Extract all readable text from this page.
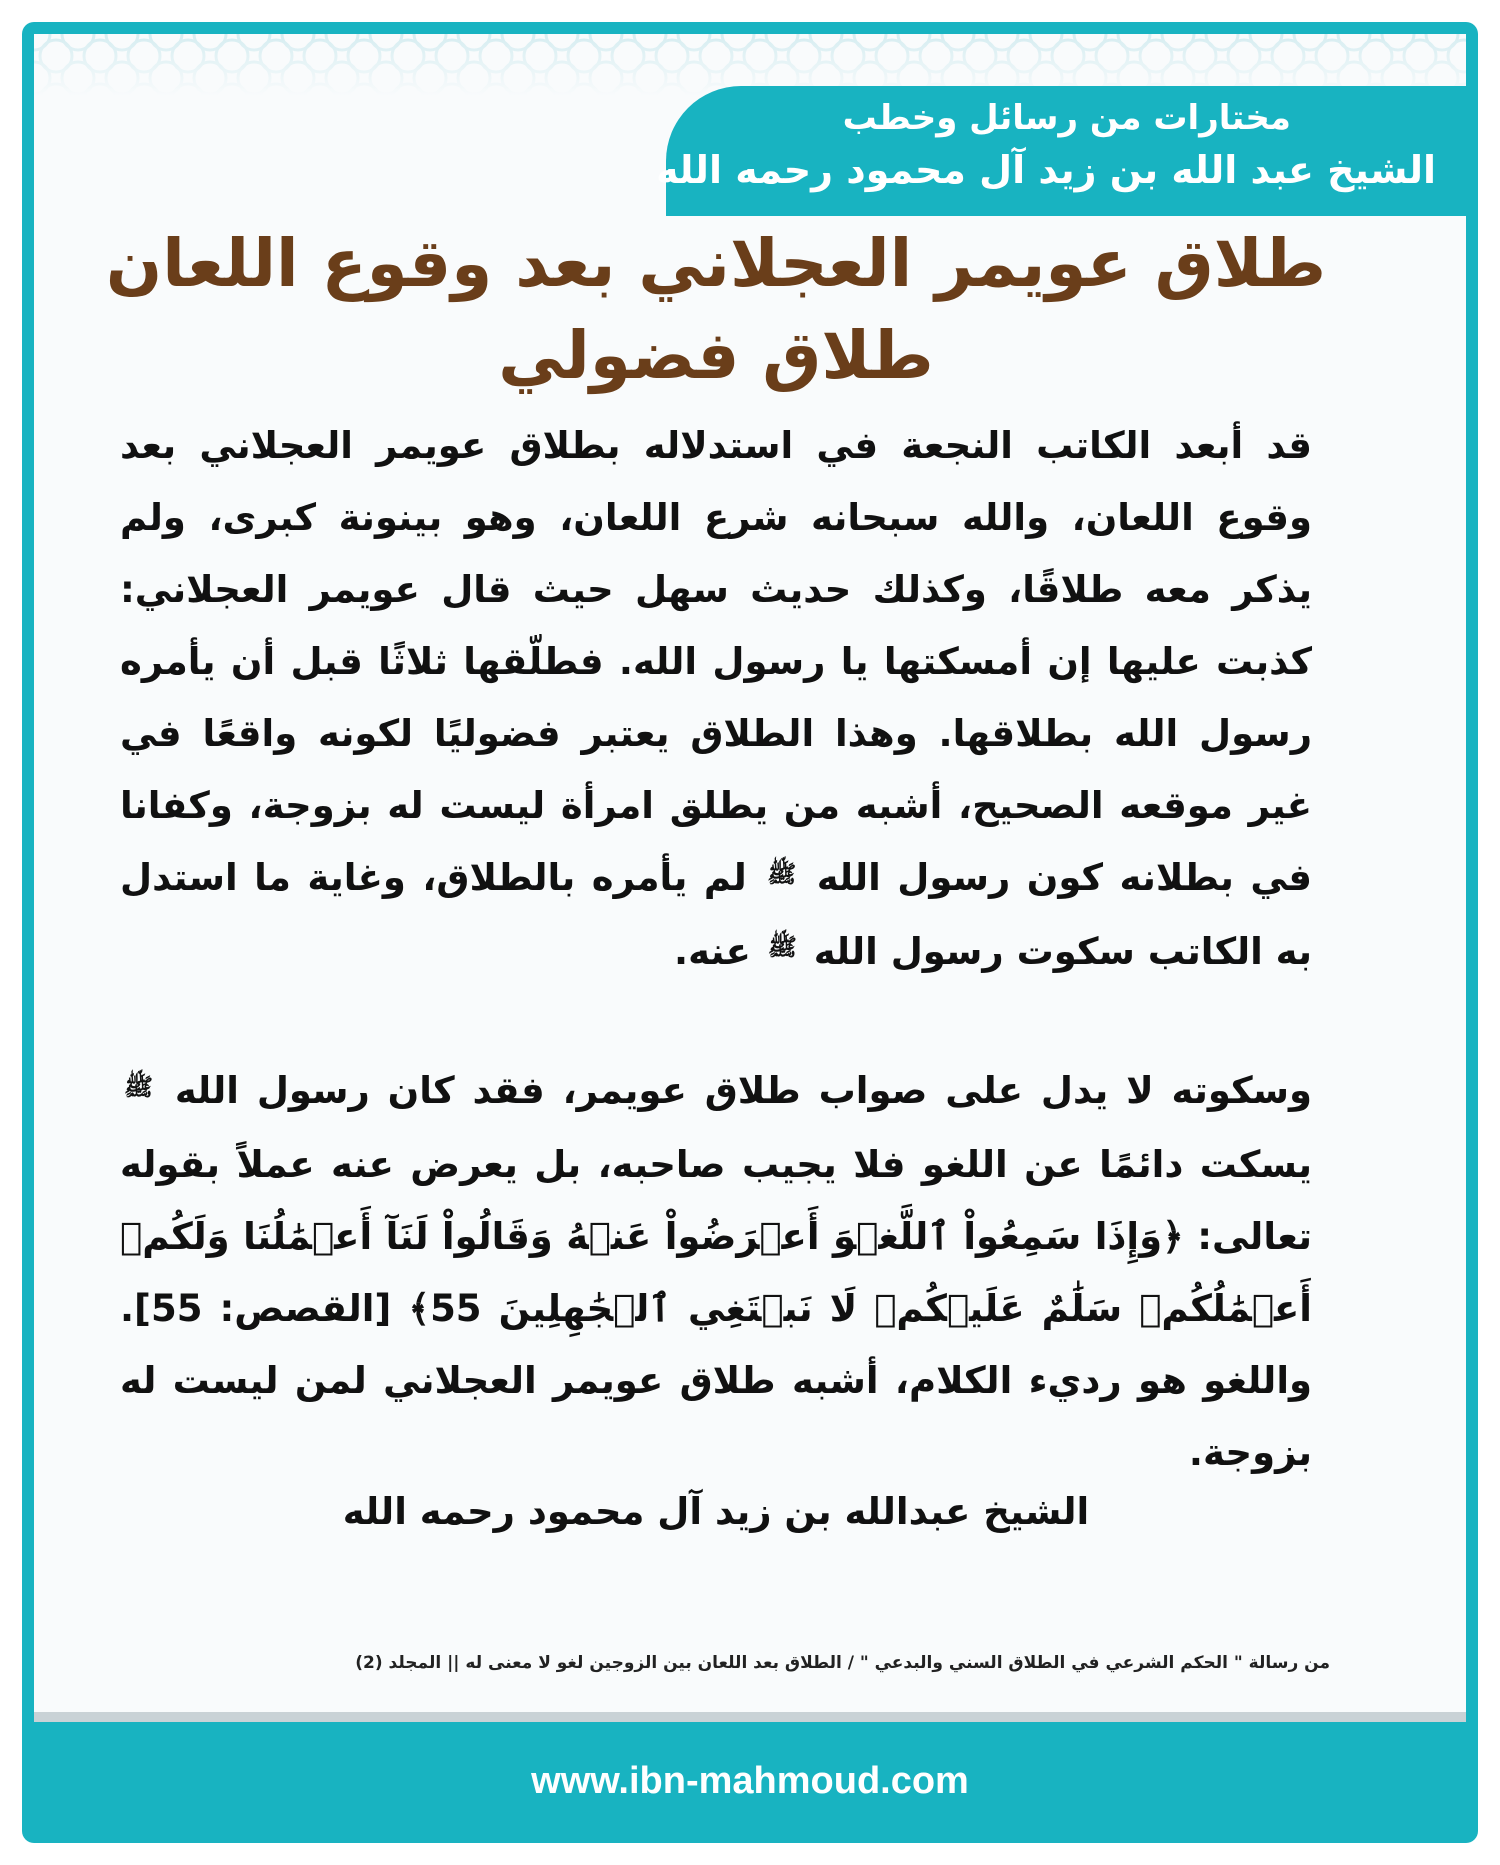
مختارات من رسائل وخطب
الشيخ عبد الله بن زيد آل محمود رحمه الله
طلاق عويمر العجلاني بعد وقوع اللعان طلاق فضولي
قد أبعد الكاتب النجعة في استدلاله بطلاق عويمر العجلاني بعد وقوع اللعان، والله سبحانه شرع اللعان، وهو بينونة كبرى، ولم يذكر معه طلاقًا، وكذلك حديث سهل حيث قال عويمر العجلاني: كذبت عليها إن أمسكتها يا رسول الله. فطلّقها ثلاثًا قبل أن يأمره رسول الله بطلاقها. وهذا الطلاق يعتبر فضوليًا لكونه واقعًا في غير موقعه الصحيح، أشبه من يطلق امرأة ليست له بزوجة، وكفانا في بطلانه كون رسول الله ﷺ لم يأمره بالطلاق، وغاية ما استدل به الكاتب سكوت رسول الله ﷺ عنه.
وسكوته لا يدل على صواب طلاق عويمر، فقد كان رسول الله ﷺ يسكت دائمًا عن اللغو فلا يجيب صاحبه، بل يعرض عنه عملاً بقوله تعالى: ﴿وَإِذَا سَمِعُواْ ٱللَّغۡوَ أَعۡرَضُواْ عَنۡهُ وَقَالُواْ لَنَآ أَعۡمَٰلُنَا وَلَكُمۡ أَعۡمَٰلُكُمۡ سَلَٰمٌ عَلَيۡكُمۡ لَا نَبۡتَغِي ٱلۡجَٰهِلِينَ 55﴾ [القصص: 55]. واللغو هو رديء الكلام، أشبه طلاق عويمر العجلاني لمن ليست له بزوجة.
الشيخ عبدالله بن زيد آل محمود رحمه الله
من رسالة " الحكم الشرعي في الطلاق السني والبدعي " / الطلاق بعد اللعان بين الزوجين لغو لا معنى له || المجلد (2)
www.ibn-mahmoud.com
